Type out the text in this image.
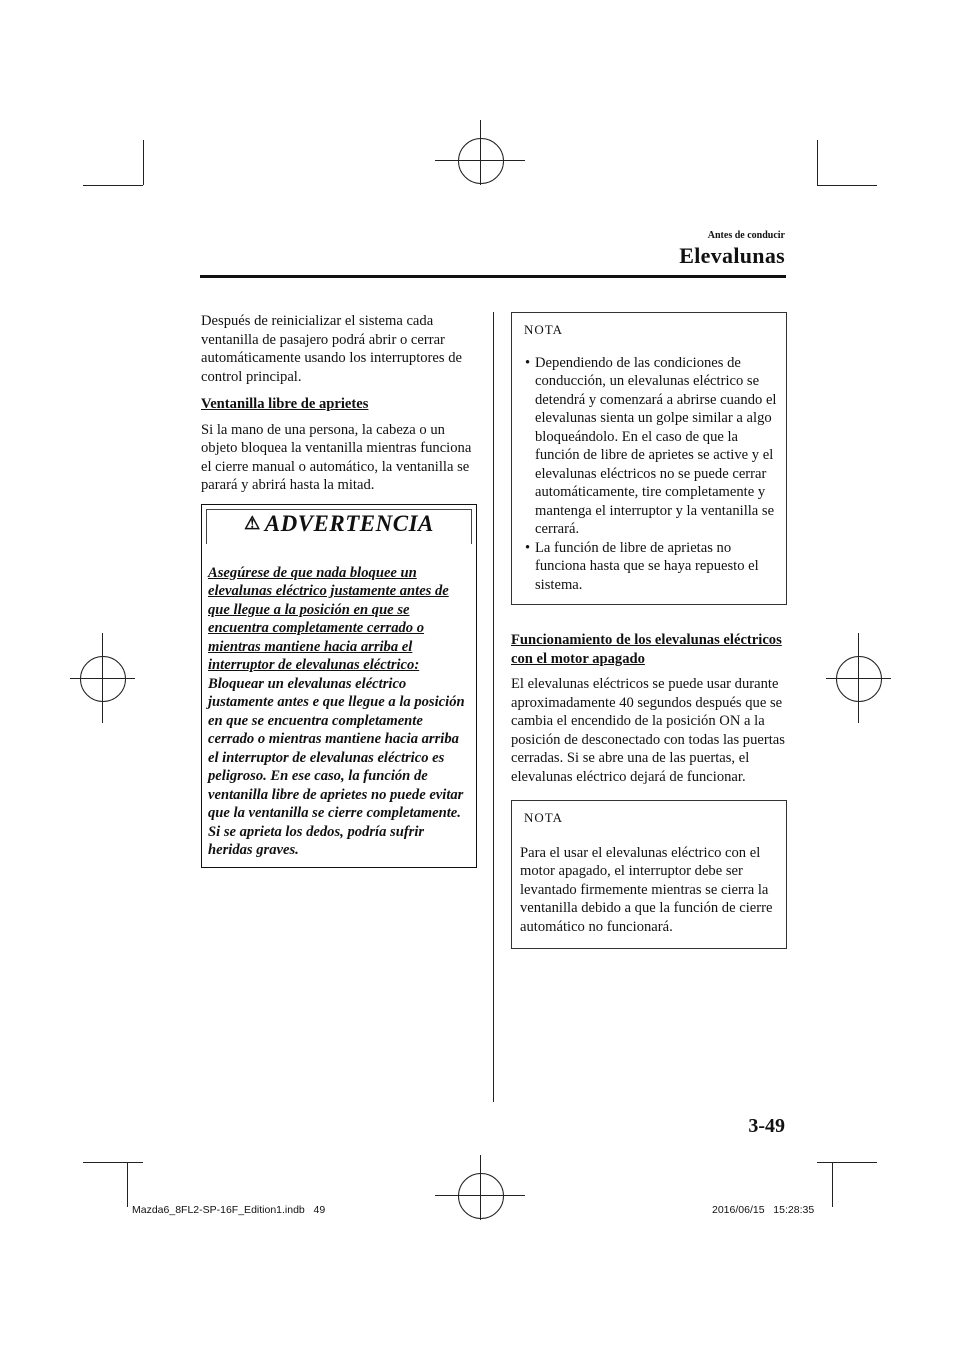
Antes de conducir
Elevalunas

Después de reinicializar el sistema cada ventanilla de pasajero podrá abrir o cerrar automáticamente usando los interruptores de control principal.

Ventanilla libre de aprietes

Si la mano de una persona, la cabeza o un objeto bloquea la ventanilla mientras funciona el cierre manual o automático, la ventanilla se parará y abrirá hasta la mitad.

⚠ ADVERTENCIA
Asegúrese de que nada bloquee un elevalunas eléctrico justamente antes de que llegue a la posición en que se encuentra completamente cerrado o mientras mantiene hacia arriba el interruptor de elevalunas eléctrico: Bloquear un elevalunas eléctrico justamente antes e que llegue a la posición en que se encuentra completamente cerrado o mientras mantiene hacia arriba el interruptor de elevalunas eléctrico es peligroso. En ese caso, la función de ventanilla libre de aprietes no puede evitar que la ventanilla se cierre completamente. Si se aprieta los dedos, podría sufrir heridas graves.

NOTA

• Dependiendo de las condiciones de conducción, un elevalunas eléctrico se detendrá y comenzará a abrirse cuando el elevalunas sienta un golpe similar a algo bloqueándolo. En el caso de que la función de libre de aprietes se active y el elevalunas eléctricos no se puede cerrar automáticamente, tire completamente y mantenga el interruptor y la ventanilla se cerrará.
• La función de libre de aprietas no funciona hasta que se haya repuesto el sistema.

Funcionamiento de los elevalunas eléctricos con el motor apagado

El elevalunas eléctricos se puede usar durante aproximadamente 40 segundos después que se cambia el encendido de la posición ON a la posición de desconectado con todas las puertas cerradas. Si se abre una de las puertas, el elevalunas eléctrico dejará de funcionar.

NOTA

Para el usar el elevalunas eléctrico con el motor apagado, el interruptor debe ser levantado firmemente mientras se cierra la ventanilla debido a que la función de cierre automático no funcionará.

3-49
Mazda6_8FL2-SP-16F_Edition1.indb   49	2016/06/15   15:28:35
